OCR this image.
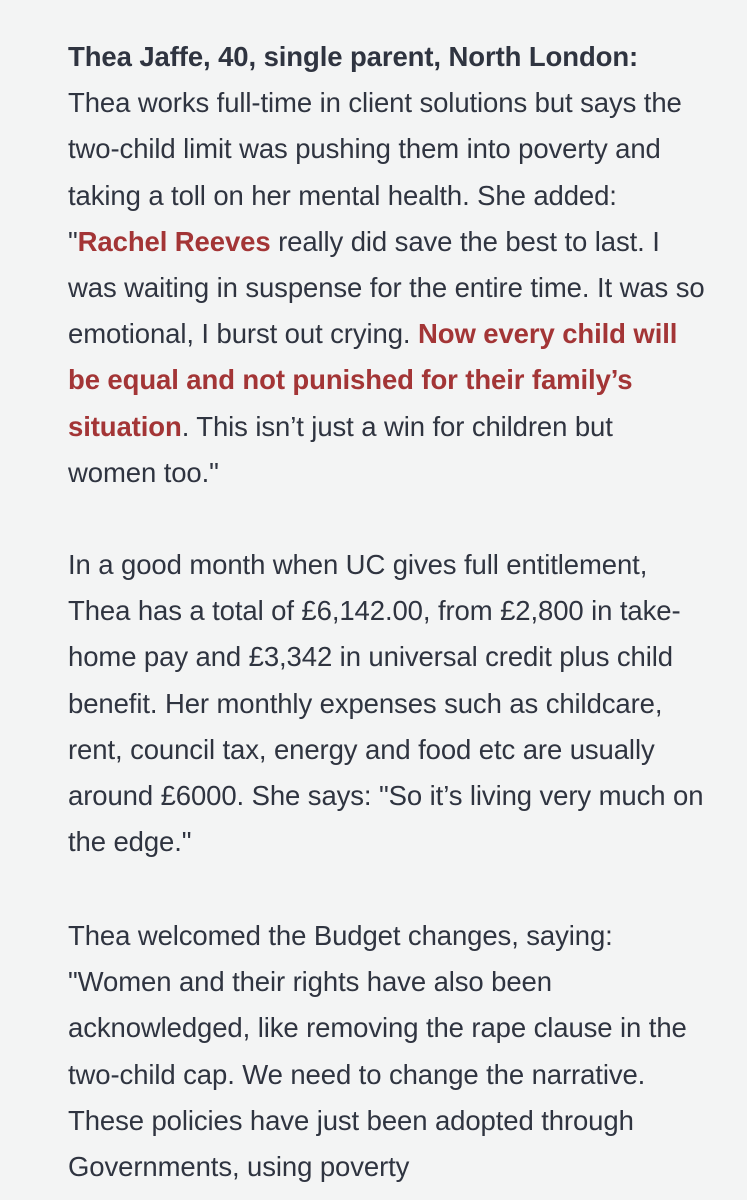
Thea Jaffe, 40, single parent, North London:
Thea works full-time in client solutions but says the two-child limit was pushing them into poverty and taking a toll on her mental health. She added: "Rachel Reeves really did save the best to last. I was waiting in suspense for the entire time. It was so emotional, I burst out crying. Now every child will be equal and not punished for their family’s situation. This isn’t just a win for children but women too."

In a good month when UC gives full entitlement, Thea has a total of £6,142.00, from £2,800 in take-home pay and £3,342 in universal credit plus child benefit. Her monthly expenses such as childcare, rent, council tax, energy and food etc are usually around £6000. She says: "So it’s living very much on the edge."

Thea welcomed the Budget changes, saying: "Women and their rights have also been acknowledged, like removing the rape clause in the two-child cap. We need to change the narrative. These policies have just been adopted through Governments, using poverty
